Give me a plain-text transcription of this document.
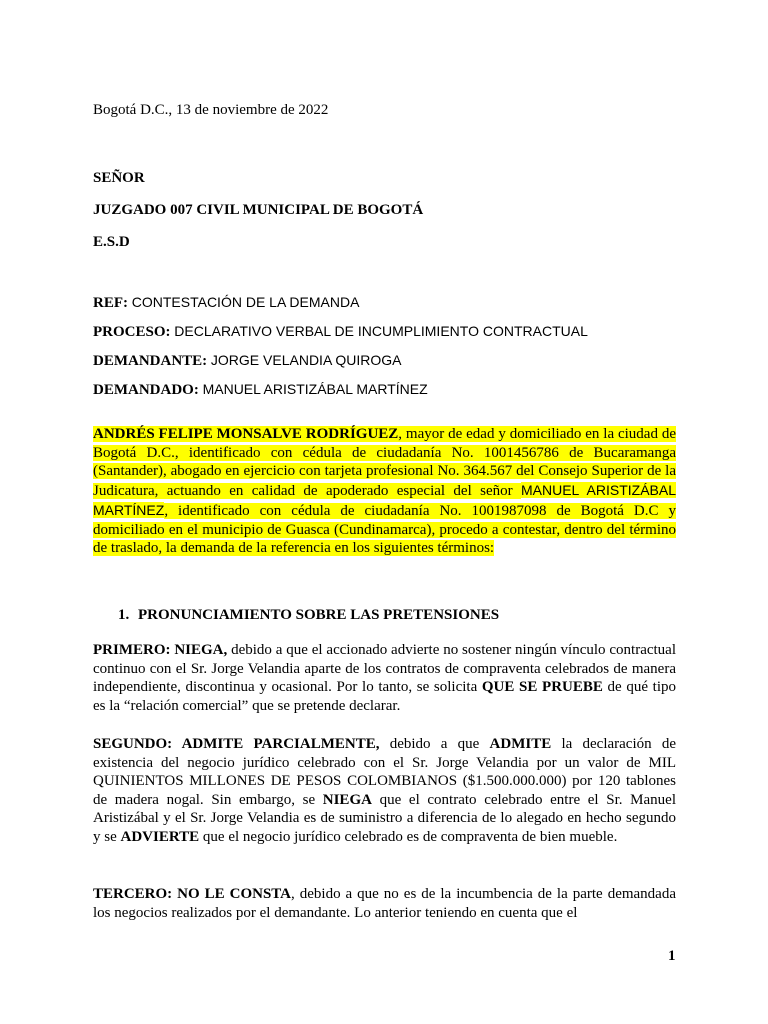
Bogotá D.C., 13 de noviembre de 2022
SEÑOR
JUZGADO 007 CIVIL MUNICIPAL DE BOGOTÁ
E.S.D
REF: CONTESTACIÓN DE LA DEMANDA
PROCESO: DECLARATIVO VERBAL DE INCUMPLIMIENTO CONTRACTUAL
DEMANDANTE: JORGE VELANDIA QUIROGA
DEMANDADO: MANUEL ARISTIZÁBAL MARTÍNEZ
ANDRÉS FELIPE MONSALVE RODRÍGUEZ, mayor de edad y domiciliado en la ciudad de Bogotá D.C., identificado con cédula de ciudadanía No. 1001456786 de Bucaramanga (Santander), abogado en ejercicio con tarjeta profesional No. 364.567 del Consejo Superior de la Judicatura, actuando en calidad de apoderado especial del señor MANUEL ARISTIZÁBAL MARTÍNEZ, identificado con cédula de ciudadanía No. 1001987098 de Bogotá D.C y domiciliado en el municipio de Guasca (Cundinamarca), procedo a contestar, dentro del término de traslado, la demanda de la referencia en los siguientes términos:
1. PRONUNCIAMIENTO SOBRE LAS PRETENSIONES
PRIMERO: NIEGA, debido a que el accionado advierte no sostener ningún vínculo contractual continuo con el Sr. Jorge Velandia aparte de los contratos de compraventa celebrados de manera independiente, discontinua y ocasional. Por lo tanto, se solicita QUE SE PRUEBE de qué tipo es la “relación comercial” que se pretende declarar.
SEGUNDO: ADMITE PARCIALMENTE, debido a que ADMITE la declaración de existencia del negocio jurídico celebrado con el Sr. Jorge Velandia por un valor de MIL QUINIENTOS MILLONES DE PESOS COLOMBIANOS ($1.500.000.000) por 120 tablones de madera nogal. Sin embargo, se NIEGA que el contrato celebrado entre el Sr. Manuel Aristizábal y el Sr. Jorge Velandia es de suministro a diferencia de lo alegado en hecho segundo y se ADVIERTE que el negocio jurídico celebrado es de compraventa de bien mueble.
TERCERO: NO LE CONSTA, debido a que no es de la incumbencia de la parte demandada los negocios realizados por el demandante. Lo anterior teniendo en cuenta que el
1
